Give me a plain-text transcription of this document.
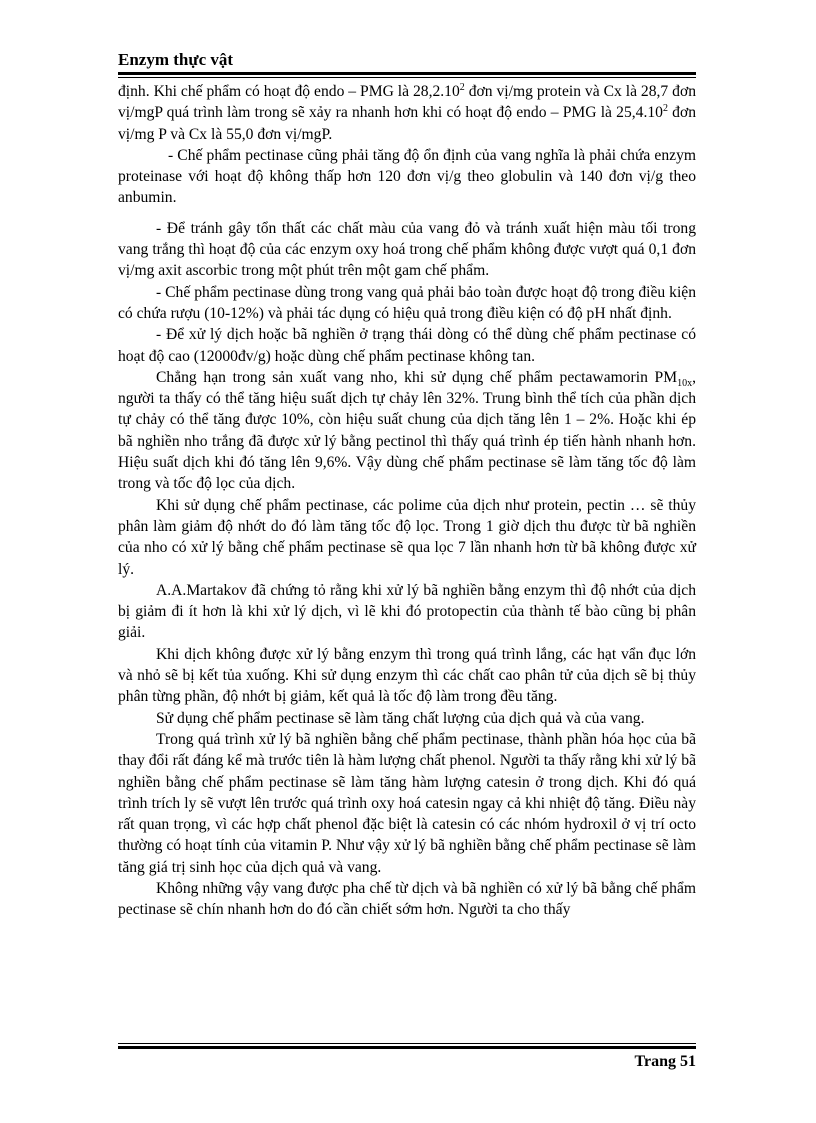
Enzym thực vật

định. Khi chế phẩm có hoạt độ endo – PMG là 28,2.10$^2$ đơn vị/mg protein và Cx là 28,7 đơn vị/mgP quá trình làm trong sẽ xảy ra nhanh hơn khi có hoạt độ endo – PMG là 25,4.10$^2$ đơn vị/mg P và Cx là 55,0 đơn vị/mgP.

- Chế phẩm pectinase cũng phải tăng độ ổn định của vang nghĩa là phải chứa enzym proteinase với hoạt độ không thấp hơn 120 đơn vị/g theo globulin và 140 đơn vị/g theo anbumin.

- Để tránh gây tổn thất các chất màu của vang đỏ và tránh xuất hiện màu tối trong vang trắng thì hoạt độ của các enzym oxy hoá trong chế phẩm không được vượt quá 0,1 đơn vị/mg axit ascorbic trong một phút trên một gam chế phẩm.

- Chế phẩm pectinase dùng trong vang quả phải bảo toàn được hoạt độ trong điều kiện có chứa rượu (10-12%) và phải tác dụng có hiệu quả trong điều kiện có độ pH nhất định.

- Để xử lý dịch hoặc bã nghiền ở trạng thái dòng có thể dùng chế phẩm pectinase có hoạt độ cao (12000đv/g) hoặc dùng chế phẩm pectinase không tan.

Chẳng hạn trong sản xuất vang nho, khi sử dụng chế phẩm pectawamorin $PM_{10x}$, người ta thấy có thể tăng hiệu suất dịch tự chảy lên 32%. Trung bình thể tích của phần dịch tự chảy có thể tăng được 10%, còn hiệu suất chung của dịch tăng lên 1 – 2%. Hoặc khi ép bã nghiền nho trắng đã được xử lý bằng pectinol thì thấy quá trình ép tiến hành nhanh hơn. Hiệu suất dịch khi đó tăng lên 9,6%. Vậy dùng chế phẩm pectinase sẽ làm tăng tốc độ làm trong và tốc độ lọc của dịch.

Khi sử dụng chế phẩm pectinase, các polime của dịch như protein, pectin … sẽ thủy phân làm giảm độ nhớt do đó làm tăng tốc độ lọc. Trong 1 giờ dịch thu được từ bã nghiền của nho có xử lý bằng chế phẩm pectinase sẽ qua lọc 7 lần nhanh hơn từ bã không được xử lý.

A.A.Martakov đã chứng tỏ rằng khi xử lý bã nghiền bằng enzym thì độ nhớt của dịch bị giảm đi ít hơn là khi xử lý dịch, vì lẽ khi đó protopectin của thành tế bào cũng bị phân giải.

Khi dịch không được xử lý bằng enzym thì trong quá trình lắng, các hạt vẩn đục lớn và nhỏ sẽ bị kết tủa xuống. Khi sử dụng enzym thì các chất cao phân tử của dịch sẽ bị thủy phân từng phần, độ nhớt bị giảm, kết quả là tốc độ làm trong đều tăng.

Sử dụng chế phẩm pectinase sẽ làm tăng chất lượng của dịch quả và của vang.

Trong quá trình xử lý bã nghiền bằng chế phẩm pectinase, thành phần hóa học của bã thay đổi rất đáng kể mà trước tiên là hàm lượng chất phenol. Người ta thấy rằng khi xử lý bã nghiền bằng chế phẩm pectinase sẽ làm tăng hàm lượng catesin ở trong dịch. Khi đó quá trình trích ly sẽ vượt lên trước quá trình oxy hoá catesin ngay cả khi nhiệt độ tăng. Điều này rất quan trọng, vì các hợp chất phenol đặc biệt là catesin có các nhóm hydroxil ở vị trí octo thường có hoạt tính của vitamin P. Như vậy xử lý bã nghiền bằng chế phẩm pectinase sẽ làm tăng giá trị sinh học của dịch quả và vang.

Không những vậy vang được pha chế từ dịch và bã nghiền có xử lý bã bằng chế phẩm pectinase sẽ chín nhanh hơn do đó cần chiết sớm hơn. Người ta cho thấy

Trang 51
